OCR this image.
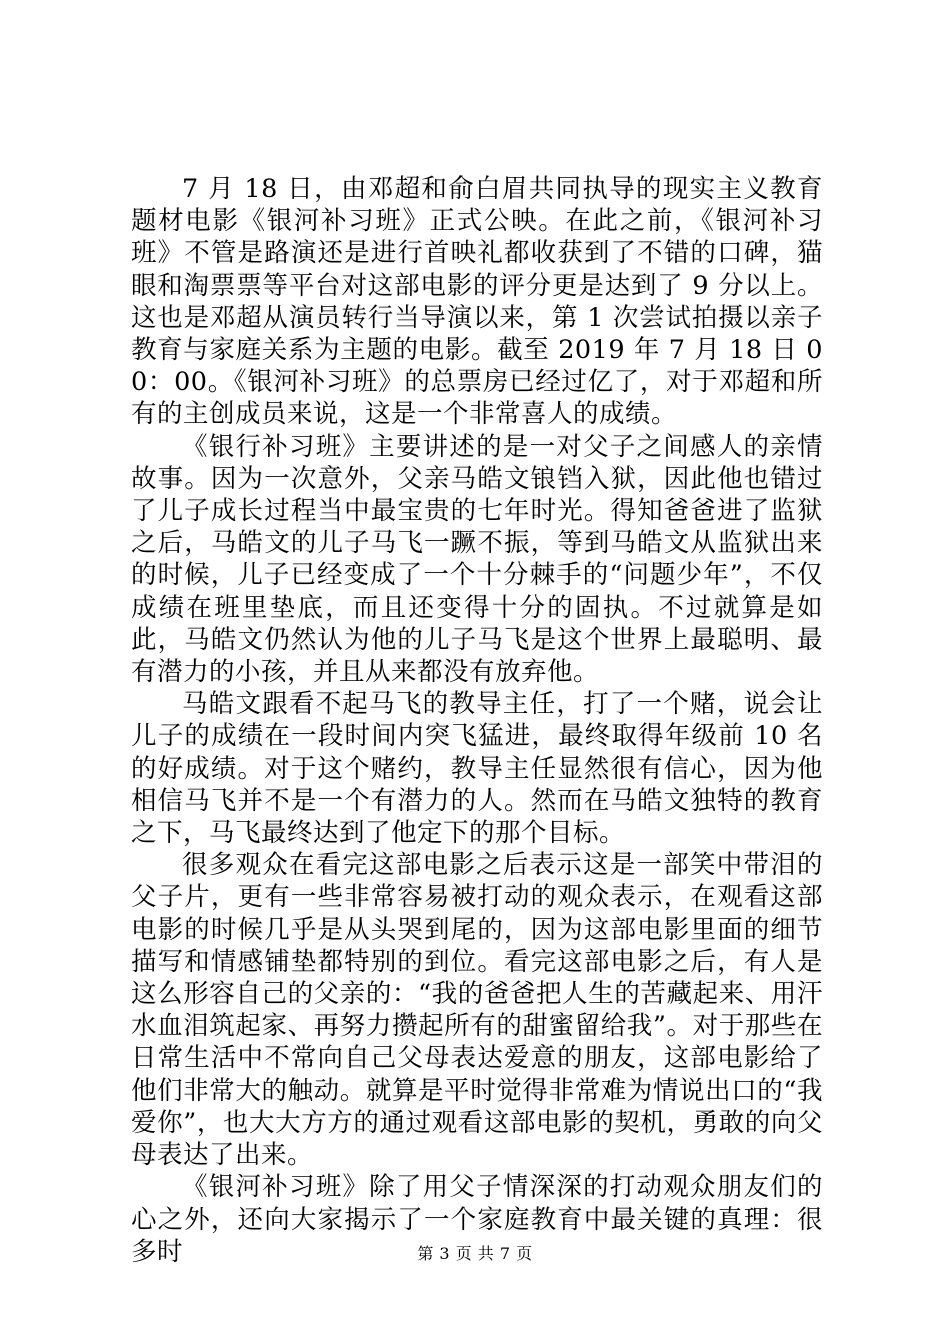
7 月 18 日，由邓超和俞白眉共同执导的现实主义教育题材电影《银河补习班》正式公映。在此之前，《银河补习班》不管是路演还是进行首映礼都收获到了不错的口碑，猫眼和淘票票等平台对这部电影的评分更是达到了 9 分以上。这也是邓超从演员转行当导演以来，第 1 次尝试拍摄以亲子教育与家庭关系为主题的电影。截至 2019 年 7 月 18 日 00：00。《银河补习班》的总票房已经过亿了，对于邓超和所有的主创成员来说，这是一个非常喜人的成绩。

《银行补习班》主要讲述的是一对父子之间感人的亲情故事。因为一次意外，父亲马皓文锒铛入狱，因此他也错过了儿子成长过程当中最宝贵的七年时光。得知爸爸进了监狱之后，马皓文的儿子马飞一蹶不振，等到马皓文从监狱出来的时候，儿子已经变成了一个十分棘手的“问题少年”，不仅成绩在班里垫底，而且还变得十分的固执。不过就算是如此，马皓文仍然认为他的儿子马飞是这个世界上最聪明、最有潜力的小孩，并且从来都没有放弃他。

马皓文跟看不起马飞的教导主任，打了一个赌，说会让儿子的成绩在一段时间内突飞猛进，最终取得年级前 10 名的好成绩。对于这个赌约，教导主任显然很有信心，因为他相信马飞并不是一个有潜力的人。然而在马皓文独特的教育之下，马飞最终达到了他定下的那个目标。

很多观众在看完这部电影之后表示这是一部笑中带泪的父子片，更有一些非常容易被打动的观众表示，在观看这部电影的时候几乎是从头哭到尾的，因为这部电影里面的细节描写和情感铺垫都特别的到位。看完这部电影之后，有人是这么形容自己的父亲的：“我的爸爸把人生的苦藏起来、用汗水血泪筑起家、再努力攒起所有的甜蜜留给我”。对于那些在日常生活中不常向自己父母表达爱意的朋友，这部电影给了他们非常大的触动。就算是平时觉得非常难为情说出口的“我爱你”，也大大方方的通过观看这部电影的契机，勇敢的向父母表达了出来。

《银河补习班》除了用父子情深深的打动观众朋友们的心之外，还向大家揭示了一个家庭教育中最关键的真理：很多时	第 3 页 共 7 页
